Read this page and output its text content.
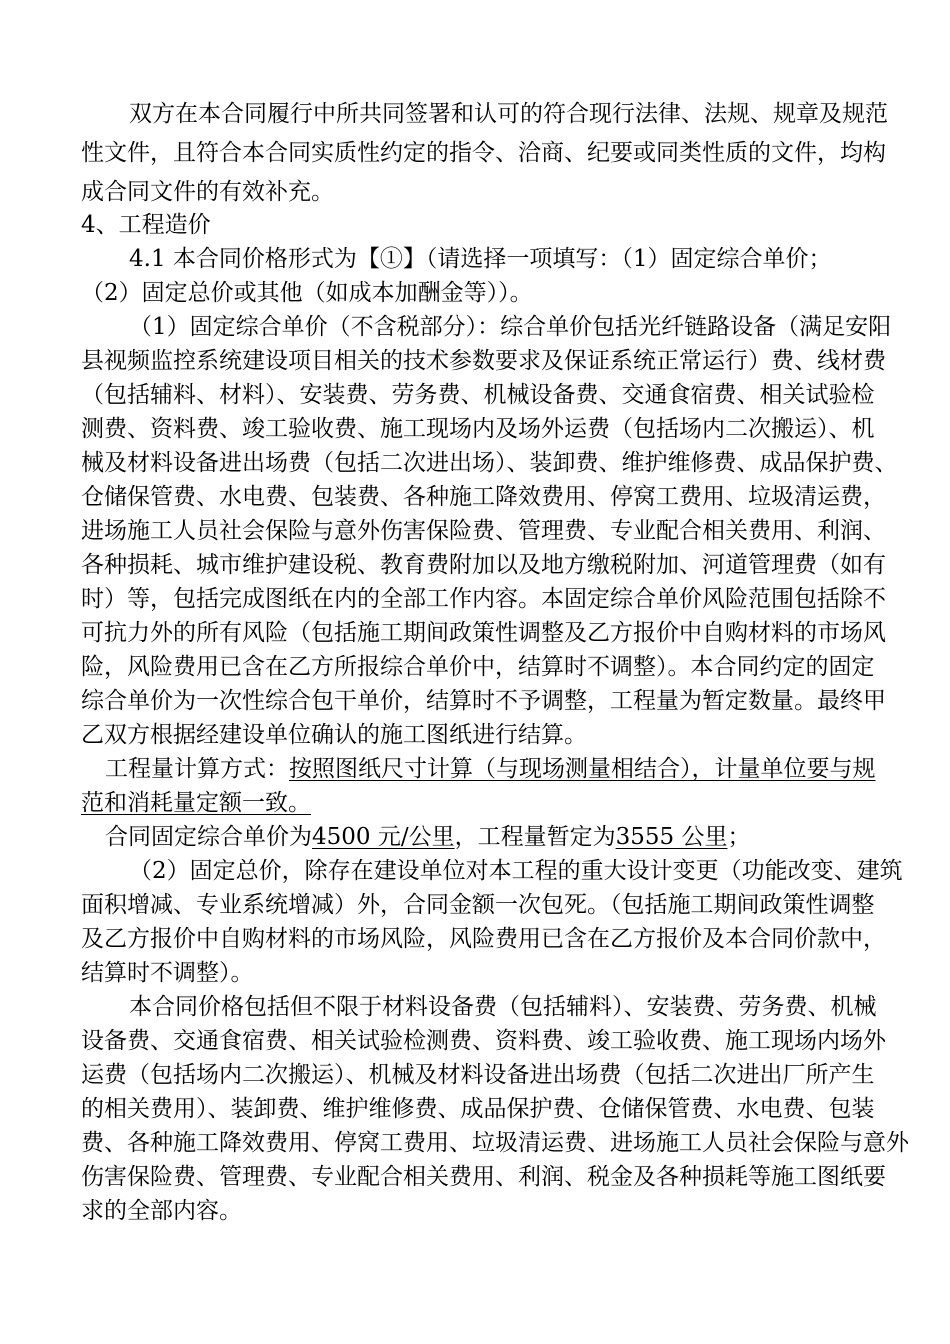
双方在本合同履行中所共同签署和认可的符合现行法律、法规、规章及规范
性文件，且符合本合同实质性约定的指令、洽商、纪要或同类性质的文件，均构
成合同文件的有效补充。
4、工程造价
4.1 本合同价格形式为【①】（请选择一项填写：（1）固定综合单价；
（2）固定总价或其他（如成本加酬金等））。
（1）固定综合单价（不含税部分）：综合单价包括光纤链路设备（满足安阳
县视频监控系统建设项目相关的技术参数要求及保证系统正常运行）费、线材费
（包括辅料、材料）、安装费、劳务费、机械设备费、交通食宿费、相关试验检
测费、资料费、竣工验收费、施工现场内及场外运费（包括场内二次搬运）、机
械及材料设备进出场费（包括二次进出场）、装卸费、维护维修费、成品保护费、
仓储保管费、水电费、包装费、各种施工降效费用、停窝工费用、垃圾清运费，
进场施工人员社会保险与意外伤害保险费、管理费、专业配合相关费用、利润、
各种损耗、城市维护建设税、教育费附加以及地方缴税附加、河道管理费（如有
时）等，包括完成图纸在内的全部工作内容。本固定综合单价风险范围包括除不
可抗力外的所有风险（包括施工期间政策性调整及乙方报价中自购材料的市场风
险，风险费用已含在乙方所报综合单价中，结算时不调整）。本合同约定的固定
综合单价为一次性综合包干单价，结算时不予调整，工程量为暂定数量。最终甲
乙双方根据经建设单位确认的施工图纸进行结算。
工程量计算方式：按照图纸尺寸计算（与现场测量相结合），计量单位要与规
范和消耗量定额一致。
合同固定综合单价为4500 元/公里，工程量暂定为3555 公里；
（2）固定总价，除存在建设单位对本工程的重大设计变更（功能改变、建筑
面积增减、专业系统增减）外，合同金额一次包死。（包括施工期间政策性调整
及乙方报价中自购材料的市场风险，风险费用已含在乙方报价及本合同价款中，
结算时不调整）。
本合同价格包括但不限于材料设备费（包括辅料）、安装费、劳务费、机械
设备费、交通食宿费、相关试验检测费、资料费、竣工验收费、施工现场内场外
运费（包括场内二次搬运）、机械及材料设备进出场费（包括二次进出厂所产生
的相关费用）、装卸费、维护维修费、成品保护费、仓储保管费、水电费、包装
费、各种施工降效费用、停窝工费用、垃圾清运费、进场施工人员社会保险与意外
伤害保险费、管理费、专业配合相关费用、利润、税金及各种损耗等施工图纸要
求的全部内容。
